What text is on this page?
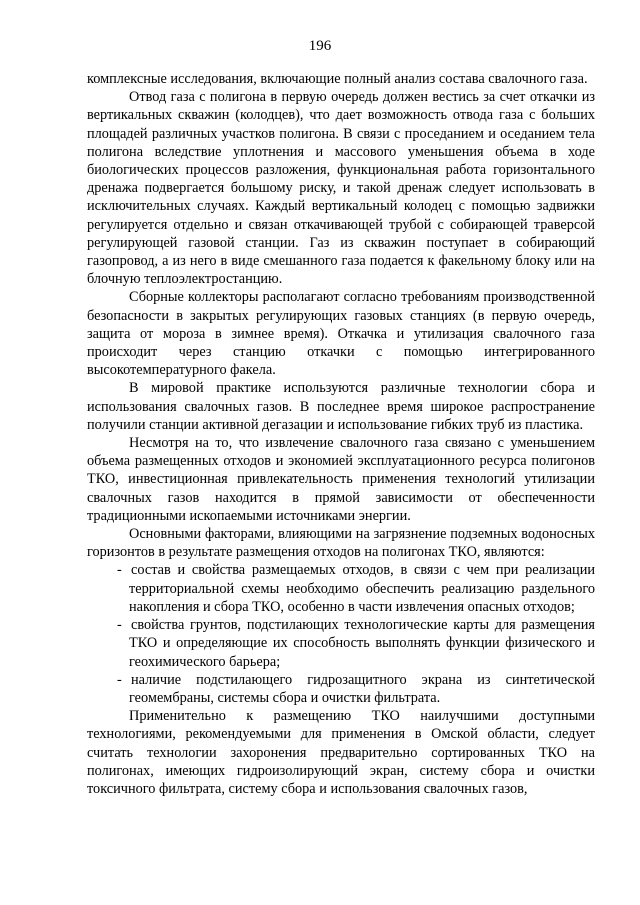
196

комплексные исследования, включающие полный анализ состава свалочного газа.

Отвод газа с полигона в первую очередь должен вестись за счет откачки из вертикальных скважин (колодцев), что дает возможность отвода газа с больших площадей различных участков полигона. В связи с проседанием и оседанием тела полигона вследствие уплотнения и массового уменьшения объема в ходе биологических процессов разложения, функциональная работа горизонтального дренажа подвергается большому риску, и такой дренаж следует использовать в исключительных случаях. Каждый вертикальный колодец с помощью задвижки регулируется отдельно и связан откачивающей трубой с собирающей траверсой регулирующей газовой станции. Газ из скважин поступает в собирающий газопровод, а из него в виде смешанного газа подается к факельному блоку или на блочную теплоэлектростанцию.

Сборные коллекторы располагают согласно требованиям производственной безопасности в закрытых регулирующих газовых станциях (в первую очередь, защита от мороза в зимнее время). Откачка и утилизация свалочного газа происходит через станцию откачки с помощью интегрированного высокотемпературного факела.

В мировой практике используются различные технологии сбора и использования свалочных газов. В последнее время широкое распространение получили станции активной дегазации и использование гибких труб из пластика.

Несмотря на то, что извлечение свалочного газа связано с уменьшением объема размещенных отходов и экономией эксплуатационного ресурса полигонов ТКО, инвестиционная привлекательность применения технологий утилизации свалочных газов находится в прямой зависимости от обеспеченности традиционными ископаемыми источниками энергии.

Основными факторами, влияющими на загрязнение подземных водоносных горизонтов в результате размещения отходов на полигонах ТКО, являются:

- состав и свойства размещаемых отходов, в связи с чем при реализации территориальной схемы необходимо обеспечить реализацию раздельного накопления и сбора ТКО, особенно в части извлечения опасных отходов;

- свойства грунтов, подстилающих технологические карты для размещения ТКО и определяющие их способность выполнять функции физического и геохимического барьера;

- наличие подстилающего гидрозащитного экрана из синтетической геомембраны, системы сбора и очистки фильтрата.

Применительно к размещению ТКО наилучшими доступными технологиями, рекомендуемыми для применения в Омской области, следует считать технологии захоронения предварительно сортированных ТКО на полигонах, имеющих гидроизолирующий экран, систему сбора и очистки токсичного фильтрата, систему сбора и использования свалочных газов,
